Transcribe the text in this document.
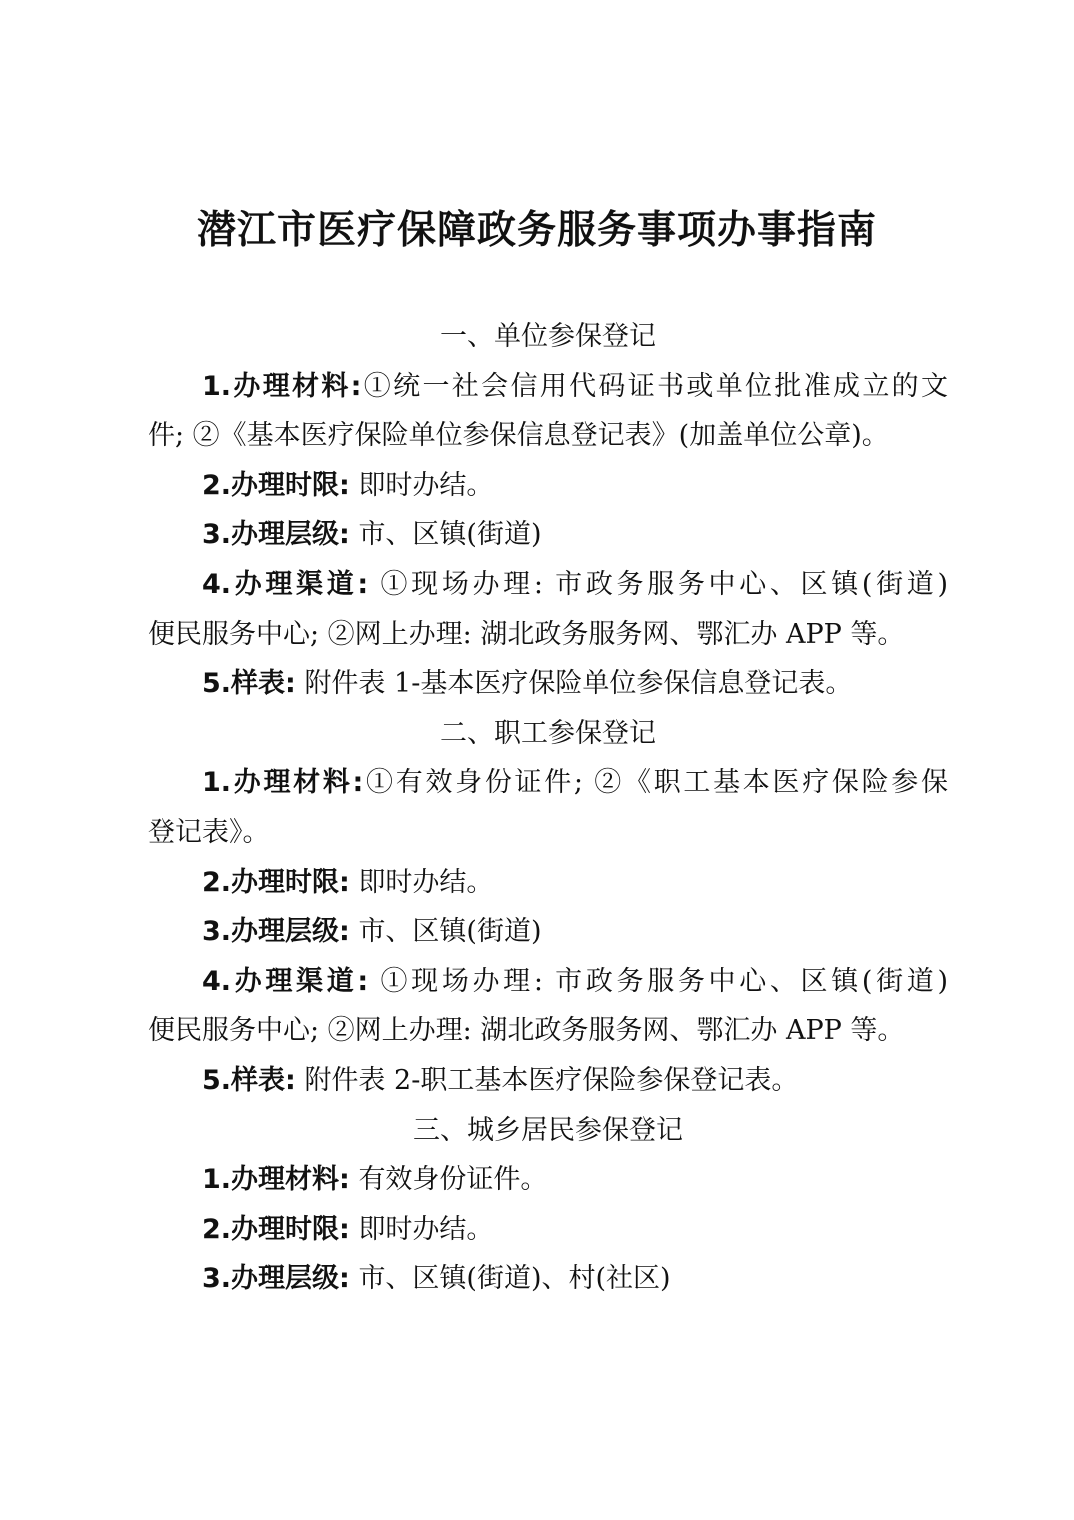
潜江市医疗保障政务服务事项办事指南
一、单位参保登记
1.办理材料:①统一社会信用代码证书或单位批准成立的文
件; ②《基本医疗保险单位参保信息登记表》(加盖单位公章)。
2.办理时限: 即时办结。
3.办理层级: 市、区镇(街道)
4.办理渠道: ①现场办理: 市政务服务中心、区镇(街道)
便民服务中心; ②网上办理: 湖北政务服务网、鄂汇办 APP 等。
5.样表: 附件表 1-基本医疗保险单位参保信息登记表。
二、职工参保登记
1.办理材料:①有效身份证件; ②《职工基本医疗保险参保
登记表》。
2.办理时限: 即时办结。
3.办理层级: 市、区镇(街道)
4.办理渠道: ①现场办理: 市政务服务中心、区镇(街道)
便民服务中心; ②网上办理: 湖北政务服务网、鄂汇办 APP 等。
5.样表: 附件表 2-职工基本医疗保险参保登记表。
三、城乡居民参保登记
1.办理材料: 有效身份证件。
2.办理时限: 即时办结。
3.办理层级: 市、区镇(街道)、村(社区)
